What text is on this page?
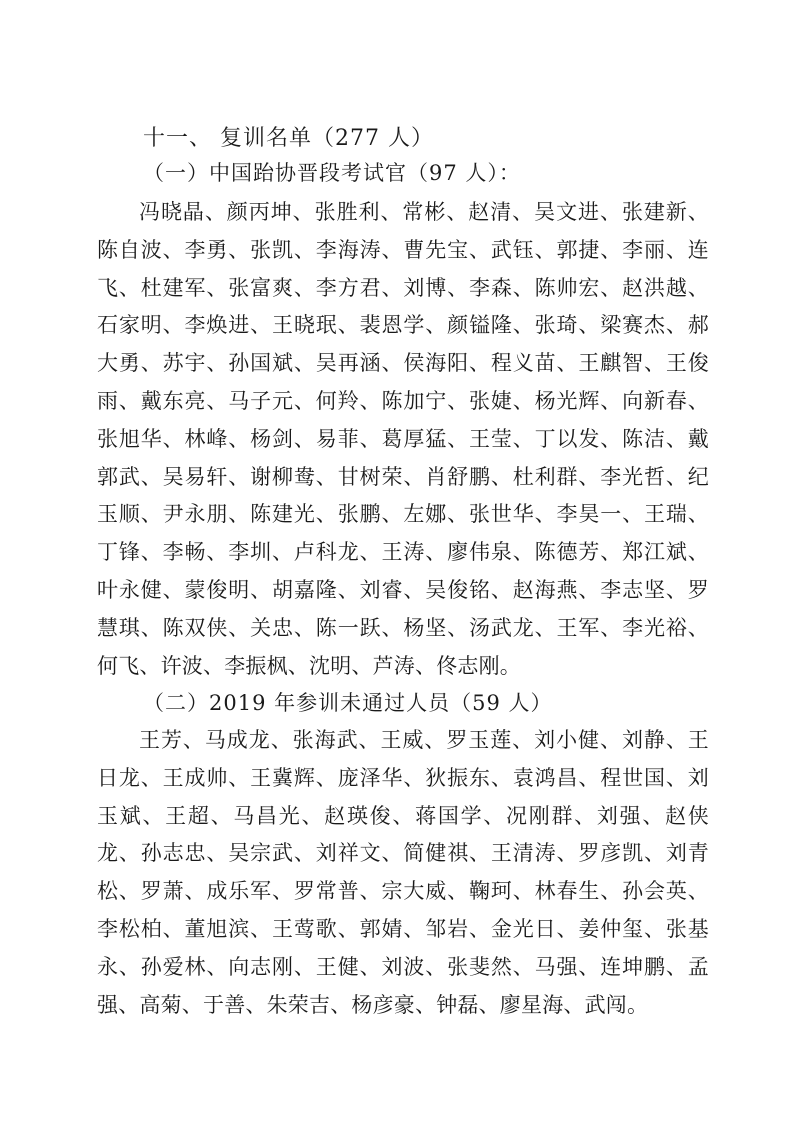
十一、 复训名单（277 人）
（一）中国跆协晋段考试官（97 人）：

冯晓晶、颜丙坤、张胜利、常彬、赵清、吴文进、张建新、陈自波、李勇、张凯、李海涛、曹先宝、武钰、郭捷、李丽、连飞、杜建军、张富爽、李方君、刘博、李森、陈帅宏、赵洪越、石家明、李焕进、王晓珉、裴恩学、颜镒隆、张琦、梁赛杰、郝大勇、苏宇、孙国斌、吴再涵、侯海阳、程义苗、王麒智、王俊雨、戴东亮、马子元、何羚、陈加宁、张婕、杨光辉、向新春、张旭华、林峰、杨剑、易菲、葛厚猛、王莹、丁以发、陈洁、戴郭武、吴易轩、谢柳鸯、甘树荣、肖舒鹏、杜利群、李光哲、纪玉顺、尹永朋、陈建光、张鹏、左娜、张世华、李昊一、王瑞、丁锋、李畅、李圳、卢科龙、王涛、廖伟泉、陈德芳、郑江斌、叶永健、蒙俊明、胡嘉隆、刘睿、吴俊铭、赵海燕、李志坚、罗慧琪、陈双侠、关忠、陈一跃、杨坚、汤武龙、王军、李光裕、何飞、许波、李振枫、沈明、芦涛、佟志刚。

（二）2019 年参训未通过人员（59 人）

王芳、马成龙、张海武、王威、罗玉莲、刘小健、刘静、王日龙、王成帅、王冀辉、庞泽华、狄振东、袁鸿昌、程世国、刘玉斌、王超、马昌光、赵瑛俊、蒋国学、况刚群、刘强、赵侠龙、孙志忠、吴宗武、刘祥文、简健祺、王清涛、罗彦凯、刘青松、罗萧、成乐军、罗常普、宗大威、鞠珂、林春生、孙会英、李松柏、董旭滨、王莺歌、郭婧、邹岩、金光日、姜仲玺、张基永、孙爱林、向志刚、王健、刘波、张斐然、马强、连坤鹏、孟强、高菊、于善、朱荣吉、杨彦豪、钟磊、廖星海、武闯。
